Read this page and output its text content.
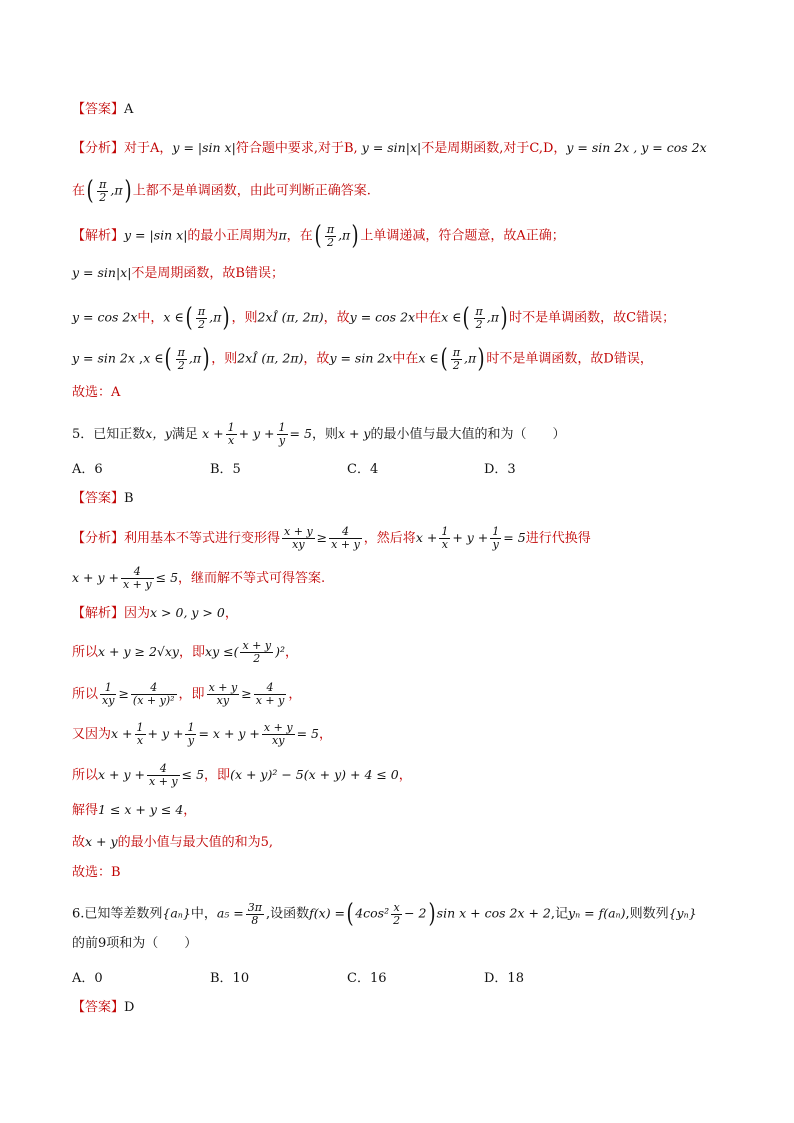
【答案】A
【分析】对于A，y = |sin x|符合题中要求,对于B, y = sin|x|不是周期函数,对于C,D，y = sin 2x , y = cos 2x
在( $\frac{\pi}{2} ,\pi$) 上都不是单调函数，由此可判断正确答案.
【解析】y = |sin x|的最小正周期为π，在( $\frac{\pi}{2} ,\pi$) 上单调递减，符合题意，故A正确；
y = sin|x|不是周期函数，故B错误；
y = cos 2x中，x ∈( $\frac{\pi}{2} ,\pi$) ，则2xÎ (π, 2π)，故y = cos 2x中在x ∈( $\frac{\pi}{2} ,\pi$) 时不是单调函数，故C错误；
y = sin 2x ,x ∈( $\frac{\pi}{2} ,\pi$) ，则2xÎ (π, 2π)，故y = sin 2x中在x ∈( $\frac{\pi}{2} ,\pi$) 时不是单调函数，故D错误，
故选：A
5．已知正数x，y满足 $x + \frac{1}{x} + y + \frac{1}{y} = 5$，则x + y的最小值与最大值的和为（　　）
A．6	B．5	C．4	D．3
【答案】B
【分析】利用基本不等式进行变形得 $\frac{x + y}{xy} \ge \frac{4}{x + y}$ ，然后将$x + \frac{1}{x} + y + \frac{1}{y} = 5$进行代换得
$x + y + \frac{4}{x + y} \le 5$，继而解不等式可得答案.
【解析】因为x > 0, y > 0，
所以x + y ≥ 2√xy，即xy ≤( $\frac{x + y}{2} )^2$，
所以 $\frac{1}{xy} \ge \frac{4}{\text{(x + y)²}}$ ，即 $\frac{x + y}{xy} \ge \frac{4}{x + y}$ ，
又因为$x + \frac{1}{x} + y + \frac{1}{y} = x + y + \frac{x + y}{xy} = 5$，
所以$x + y + \frac{4}{x + y} \le 5$，即(x + y)² − 5(x + y) + 4 ≤ 0，
解得1 ≤ x + y ≤ 4，
故x + y的最小值与最大值的和为5,
故选：B
6.已知等差数列{aₙ}中，$a_5 = \frac{3\pi}{8}$ ,设函数f(x) =( $4\cos^2 \frac{x}{2} - 2$) sin x + cos 2x + 2,记yₙ = f(aₙ),则数列{yₙ}
的前9项和为（　　）
A．0	B．10	C．16	D．18
【答案】D
